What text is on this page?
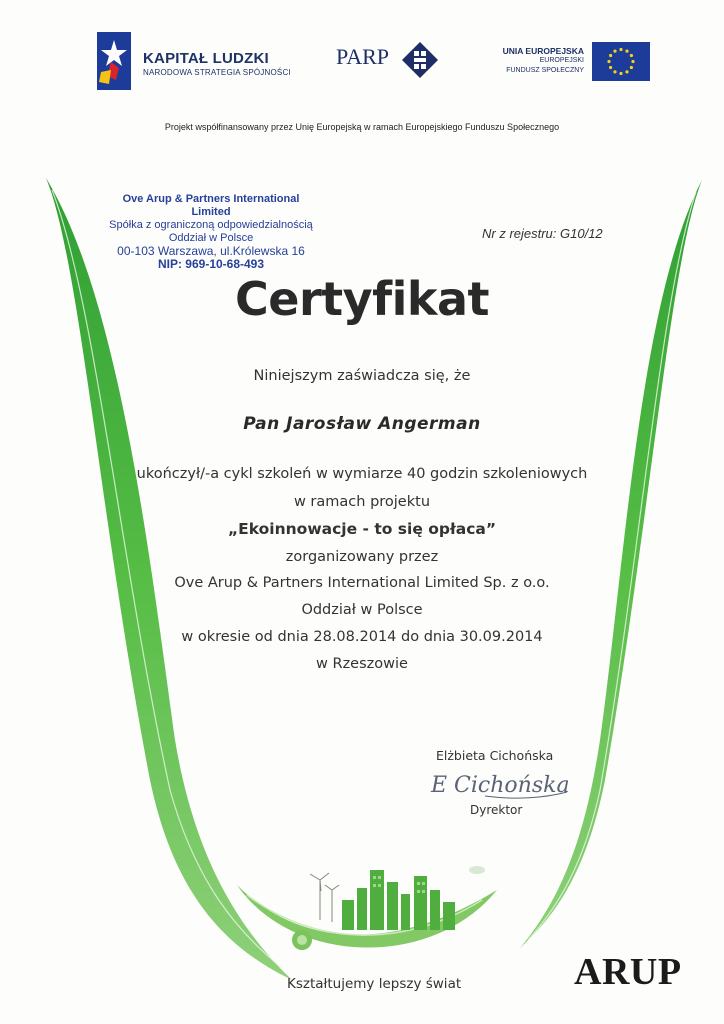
KAPITAŁ LUDZKI
NARODOWA STRATEGIA SPÓJNOŚCI
PARP	UNIA EUROPEJSKA
EUROPEJSKI
FUNDUSZ SPOŁECZNY
Projekt współfinansowany przez Unię Europejską w ramach Europejskiego Funduszu Społecznego
Ove Arup & Partners International Limited
Spółka z ograniczoną odpowiedzialnością
Oddział w Polsce
00-103 Warszawa, ul.Królewska 16
NIP: 969-10-68-493
Nr z rejestru: G10/12
Certyfikat
Niniejszym zaświadcza się, że
Pan Jarosław Angerman
ukończył/-a cykl szkoleń w wymiarze 40 godzin szkoleniowych
w ramach projektu
„Ekoinnowacje - to się opłaca”
zorganizowany przez
Ove Arup & Partners International Limited Sp. z o.o.
Oddział w Polsce
w okresie od dnia 28.08.2014 do dnia 30.09.2014
w Rzeszowie
Elżbieta Cichońska
E Cichońska
Dyrektor
Kształtujemy lepszy świat	ARUP
